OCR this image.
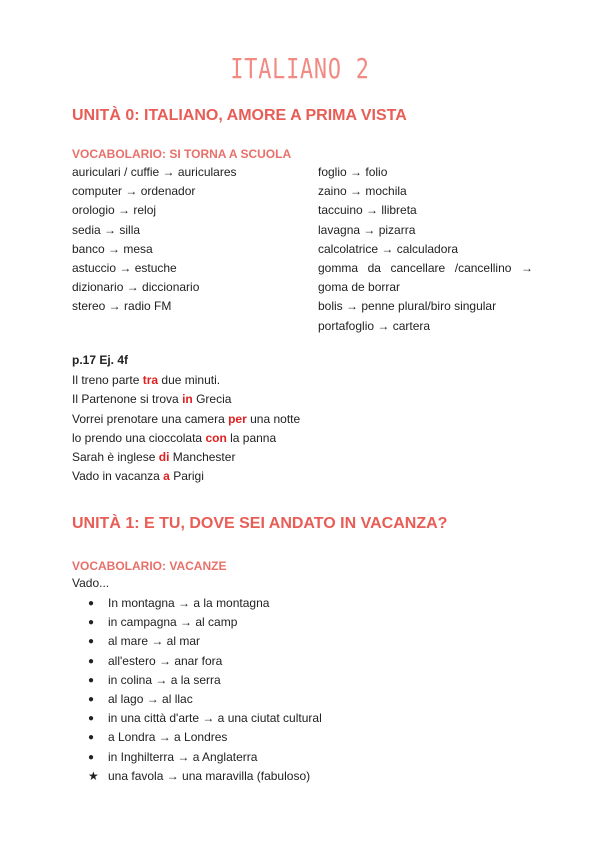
ITALIANO 2
UNITÀ 0: ITALIANO, AMORE A PRIMA VISTA
VOCABOLARIO: SI TORNA A SCUOLA
auriculari / cuffie → auriculares
computer → ordenador
orologio → reloj
sedia → silla
banco → mesa
astuccio → estuche
dizionario → diccionario
stereo → radio FM
foglio → folio
zaino → mochila
taccuino → llibreta
lavagna → pizarra
calcolatrice → calculadora
gomma da cancellare /cancellino →
goma de borrar
bolis → penne plural/biro singular
portafoglio → cartera
p.17 Ej. 4f
Il treno parte tra due minuti.
Il Partenone si trova in Grecia
Vorrei prenotare una camera per una notte
lo prendo una cioccolata con la panna
Sarah è inglese di Manchester
Vado in vacanza a Parigi
UNITÀ 1: E TU, DOVE SEI ANDATO IN VACANZA?
VOCABOLARIO: VACANZE
Vado...
●	In montagna → a la montagna
●	in campagna → al camp
●	al mare → al mar
●	all'estero → anar fora
●	in colina → a la serra
●	al lago → al llac
●	in una città d'arte → a una ciutat cultural
●	a Londra → a Londres
●	in Inghilterra → a Anglaterra
★ una favola → una maravilla (fabuloso)
